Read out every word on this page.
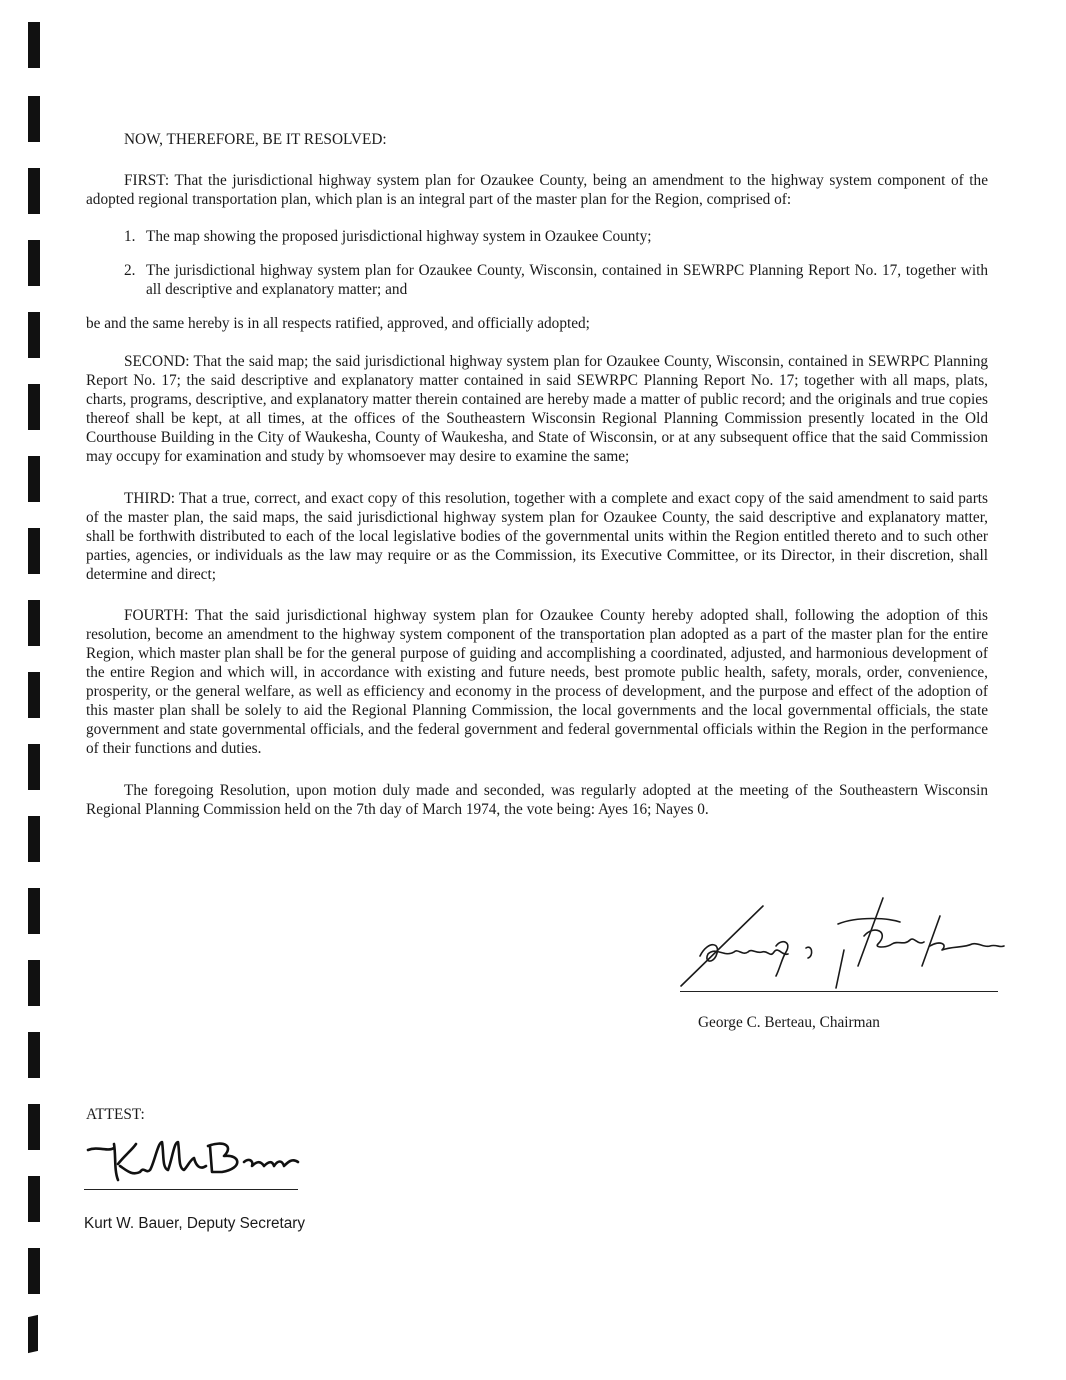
NOW, THEREFORE, BE IT RESOLVED:

FIRST: That the jurisdictional highway system plan for Ozaukee County, being an amendment to the highway system component of the adopted regional transportation plan, which plan is an integral part of the master plan for the Region, comprised of:

1. The map showing the proposed jurisdictional highway system in Ozaukee County;
2. The jurisdictional highway system plan for Ozaukee County, Wisconsin, contained in SEWRPC Planning Report No. 17, together with all descriptive and explanatory matter; and

be and the same hereby is in all respects ratified, approved, and officially adopted;

SECOND: That the said map; the said jurisdictional highway system plan for Ozaukee County, Wisconsin, contained in SEWRPC Planning Report No. 17; the said descriptive and explanatory matter contained in said SEWRPC Planning Report No. 17; together with all maps, plats, charts, programs, descriptive, and explanatory matter therein contained are hereby made a matter of public record; and the originals and true copies thereof shall be kept, at all times, at the offices of the Southeastern Wisconsin Regional Planning Commission presently located in the Old Courthouse Building in the City of Waukesha, County of Waukesha, and State of Wisconsin, or at any subsequent office that the said Commission may occupy for examination and study by whomsoever may desire to examine the same;

THIRD: That a true, correct, and exact copy of this resolution, together with a complete and exact copy of the said amendment to said parts of the master plan, the said maps, the said jurisdictional highway system plan for Ozaukee County, the said descriptive and explanatory matter, shall be forthwith distributed to each of the local legislative bodies of the governmental units within the Region entitled thereto and to such other parties, agencies, or individuals as the law may require or as the Commission, its Executive Committee, or its Director, in their discretion, shall determine and direct;

FOURTH: That the said jurisdictional highway system plan for Ozaukee County hereby adopted shall, following the adoption of this resolution, become an amendment to the highway system component of the transportation plan adopted as a part of the master plan for the entire Region, which master plan shall be for the general purpose of guiding and accomplishing a coordinated, adjusted, and harmonious development of the entire Region and which will, in accordance with existing and future needs, best promote public health, safety, morals, order, convenience, prosperity, or the general welfare, as well as efficiency and economy in the process of development, and the purpose and effect of the adoption of this master plan shall be solely to aid the Regional Planning Commission, the local governments and the local governmental officials, the state government and state governmental officials, and the federal government and federal governmental officials within the Region in the performance of their functions and duties.

The foregoing Resolution, upon motion duly made and seconded, was regularly adopted at the meeting of the Southeastern Wisconsin Regional Planning Commission held on the 7th day of March 1974, the vote being: Ayes 16; Nayes 0.

George C. Berteau, Chairman
ATTEST:
Kurt W. Bauer, Deputy Secretary
